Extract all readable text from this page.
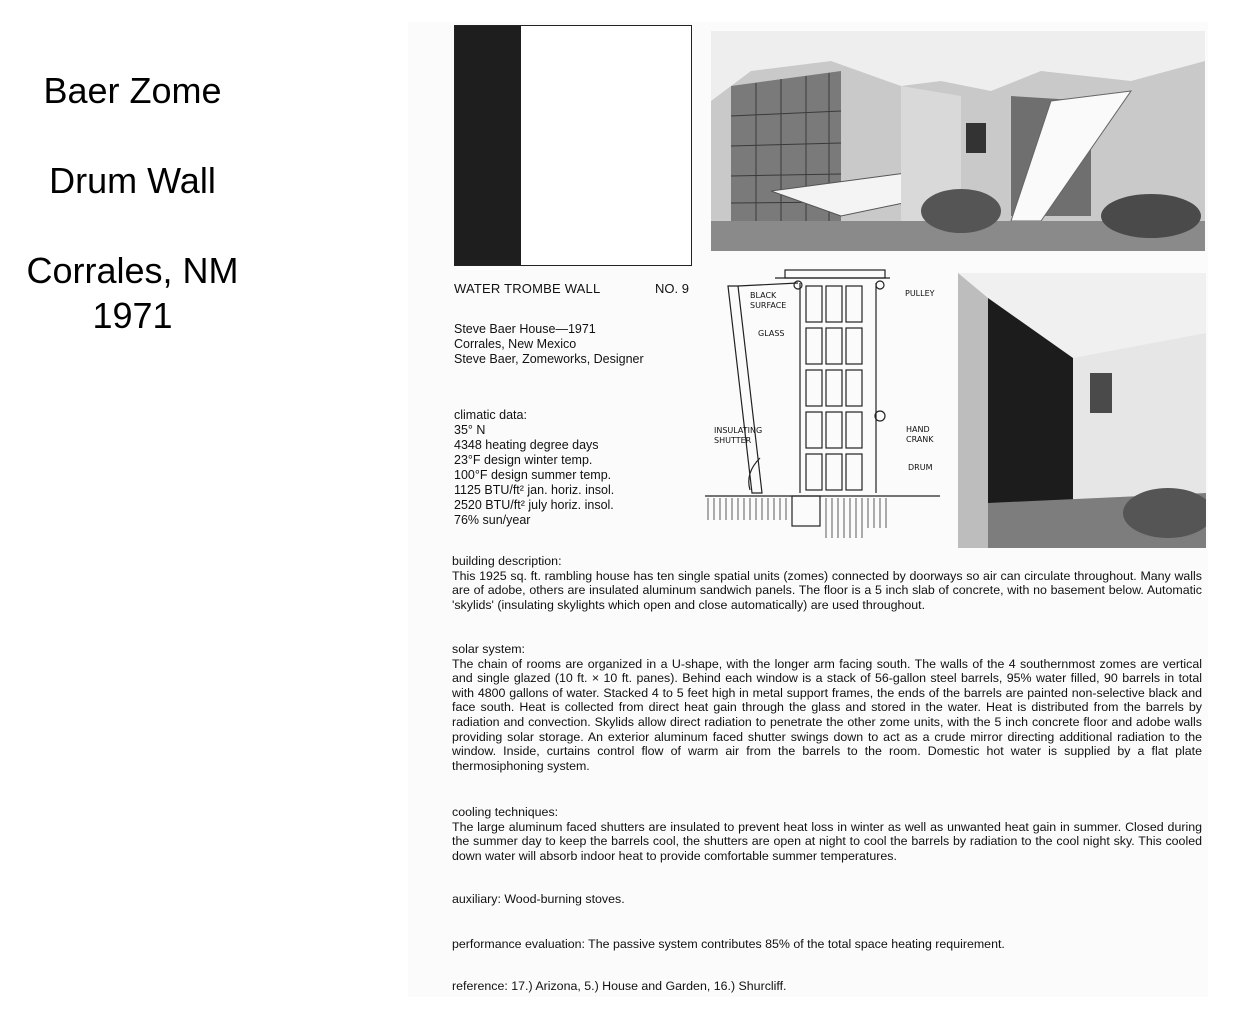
Baer Zome
Drum Wall
Corrales, NM
1971
WATER TROMBE WALL	NO. 9
Steve Baer House—1971
Corrales, New Mexico
Steve Baer, Zomeworks, Designer
climatic data:
35° N
4348 heating degree days
23°F design winter temp.
100°F design summer temp.
1125 BTU/ft² jan. horiz. insol.
2520 BTU/ft² july horiz. insol.
76% sun/year
BLACK
SURFACE
GLASS
PULLEY
INSULATING
SHUTTER
HAND
CRANK
DRUM
building description:
This 1925 sq. ft. rambling house has ten single spatial units (zomes) connected by doorways so air can circulate throughout. Many walls are of adobe, others are insulated aluminum sandwich panels. The floor is a 5 inch slab of concrete, with no basement below. Automatic 'skylids' (insulating skylights which open and close automatically) are used throughout.
solar system:
The chain of rooms are organized in a U-shape, with the longer arm facing south. The walls of the 4 southernmost zomes are vertical and single glazed (10 ft. × 10 ft. panes). Behind each window is a stack of 56-gallon steel barrels, 95% water filled, 90 barrels in total with 4800 gallons of water. Stacked 4 to 5 feet high in metal support frames, the ends of the barrels are painted non-selective black and face south. Heat is collected from direct heat gain through the glass and stored in the water. Heat is distributed from the barrels by radiation and convection. Skylids allow direct radiation to penetrate the other zome units, with the 5 inch concrete floor and adobe walls providing solar storage. An exterior aluminum faced shutter swings down to act as a crude mirror directing additional radiation to the window. Inside, curtains control flow of warm air from the barrels to the room. Domestic hot water is supplied by a flat plate thermosiphoning system.
cooling techniques:
The large aluminum faced shutters are insulated to prevent heat loss in winter as well as unwanted heat gain in summer. Closed during the summer day to keep the barrels cool, the shutters are open at night to cool the barrels by radiation to the cool night sky. This cooled down water will absorb indoor heat to provide comfortable summer temperatures.
auxiliary: Wood-burning stoves.
performance evaluation: The passive system contributes 85% of the total space heating requirement.
reference: 17.) Arizona, 5.) House and Garden, 16.) Shurcliff.
